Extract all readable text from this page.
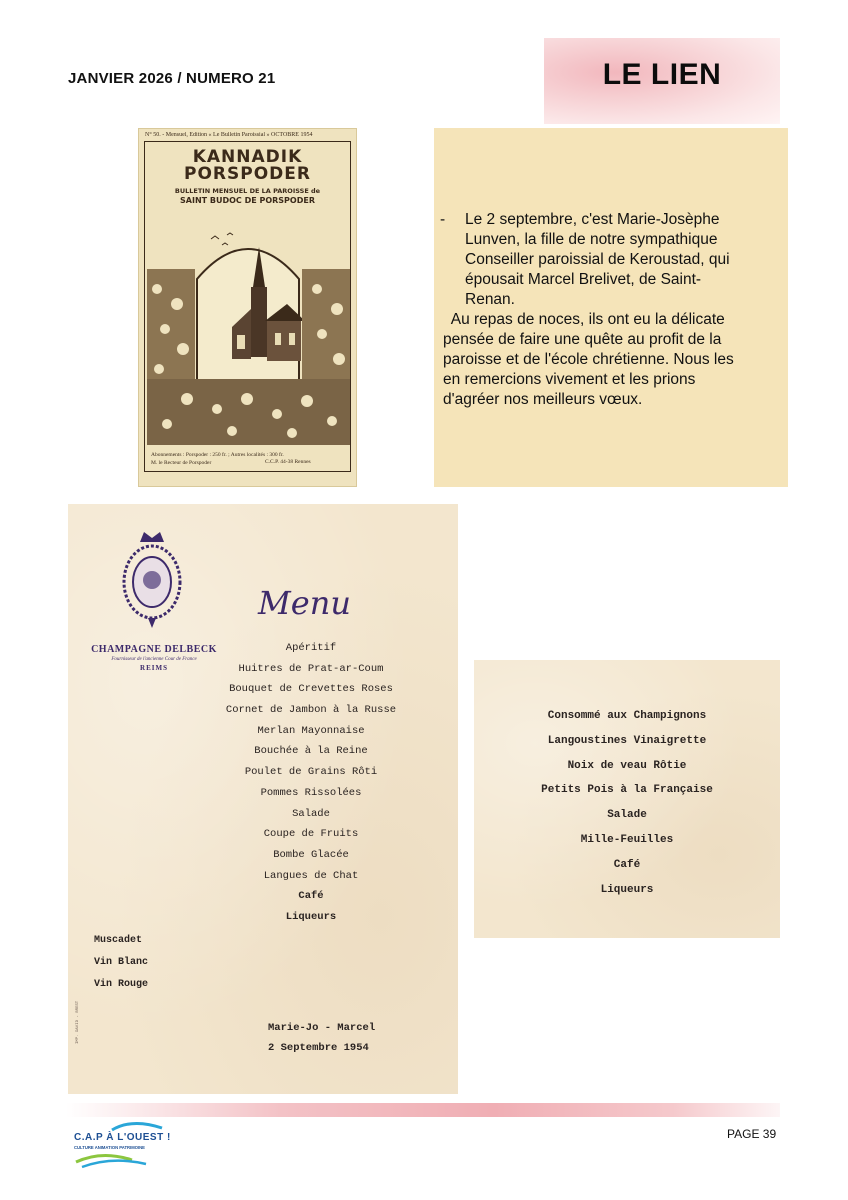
JANVIER 2026 / NUMERO 21	LE LIEN
N° 50. - Mensuel, Edition « Le Bulletin Paroissial » OCTOBRE 1954
KANNADIK
PORSPODER
BULLETIN MENSUEL DE LA PAROISSE de
SAINT BUDOC DE PORSPODER
Abonnements : Porspoder : 250 fr. ; Autres localités : 300 fr.
M. le Recteur de Porspoder	C.C.P. 44-38 Rennes
- Le 2 septembre, c'est Marie-Josèphe

Lunven, la fille de notre sympathique

Conseiller paroissial de Keroustad, qui

épousait Marcel Brelivet, de Saint-

Renan.

Au repas de noces, ils ont eu la délicate

pensée de faire une quête au profit de la

paroisse et de l'école chrétienne. Nous les

en remercions vivement et les prions

d'agréer nos meilleurs vœux.

CHAMPAGNE DELBECK
Fournisseur de l'ancienne Cour de France
REIMS
Menu
Apéritif
Huitres de Prat-ar-Coum
Bouquet de Crevettes Roses
Cornet de Jambon à la Russe
Merlan Mayonnaise
Bouchée à la Reine
Poulet de Grains Rôti
Pommes Rissolées
Salade
Coupe de Fruits
Bombe Glacée
Langues de Chat
Café
Liqueurs
Muscadet
Vin Blanc
Vin Rouge
Marie-Jo - Marcel
2 Septembre 1954
IMP. DAVID - BREST
Consommé aux Champignons
Langoustines Vinaigrette
Noix de veau Rôtie
Petits Pois à la Française
Salade
Mille-Feuilles
Café
Liqueurs
C.A.P À L'OUEST !
CULTURE ANIMATION PATRIMOINE
PAGE 39
